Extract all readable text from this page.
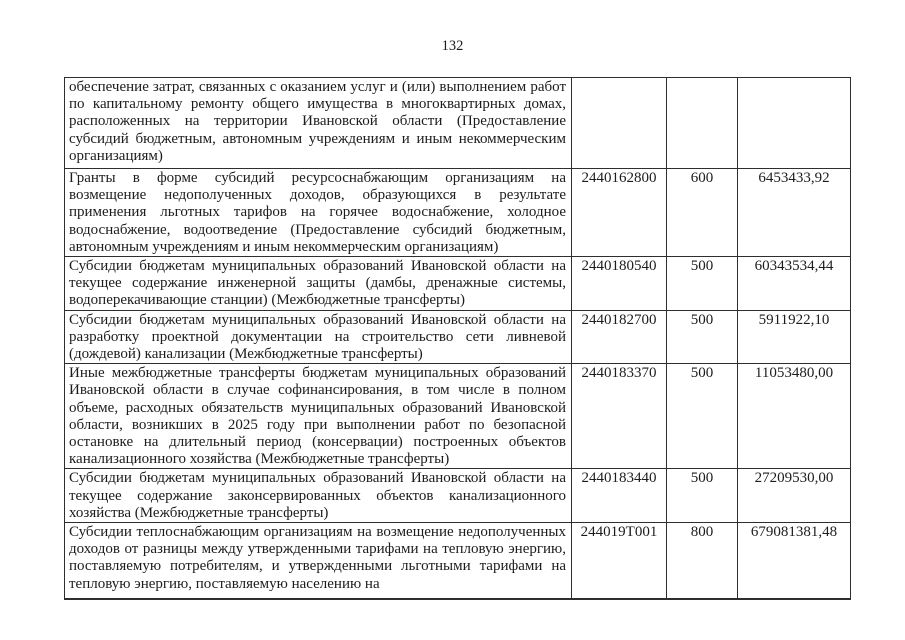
132
обеспечение затрат, связанных с оказанием услуг и (или) выполнением работ по капитальному ремонту общего имущества в многоквартирных домах, расположенных на территории Ивановской области (Предоставление субсидий бюджетным, автономным учреждениям и иным некоммерческим организациям)			
Гранты в форме субсидий ресурсоснабжающим организациям на возмещение недополученных доходов, образующихся в результате применения льготных тарифов на горячее водоснабжение, холодное водоснабжение, водоотведение (Предоставление субсидий бюджетным, автономным учреждениям и иным некоммерческим организациям)	2440162800	600	6453433,92
Субсидии бюджетам муниципальных образований Ивановской области на текущее содержание инженерной защиты (дамбы, дренажные системы, водоперекачивающие станции) (Межбюджетные трансферты)	2440180540	500	60343534,44
Субсидии бюджетам муниципальных образований Ивановской области на разработку проектной документации на строительство сети ливневой (дождевой) канализации (Межбюджетные трансферты)	2440182700	500	5911922,10
Иные межбюджетные трансферты бюджетам муниципальных образований Ивановской области в случае софинансирования, в том числе в полном объеме, расходных обязательств муниципальных образований Ивановской области, возникших в 2025 году при выполнении работ по безопасной остановке на длительный период (консервации) построенных объектов канализационного хозяйства (Межбюджетные трансферты)	2440183370	500	11053480,00
Субсидии бюджетам муниципальных образований Ивановской области на текущее содержание законсервированных объектов канализационного хозяйства (Межбюджетные трансферты)	2440183440	500	27209530,00

Субсидии теплоснабжающим организациям на возмещение недополученных доходов от разницы между утвержденными тарифами на тепловую энергию, поставляемую потребителям, и утвержденными льготными тарифами на тепловую энергию, поставляемую населению на	244019T001	800	679081381,48
